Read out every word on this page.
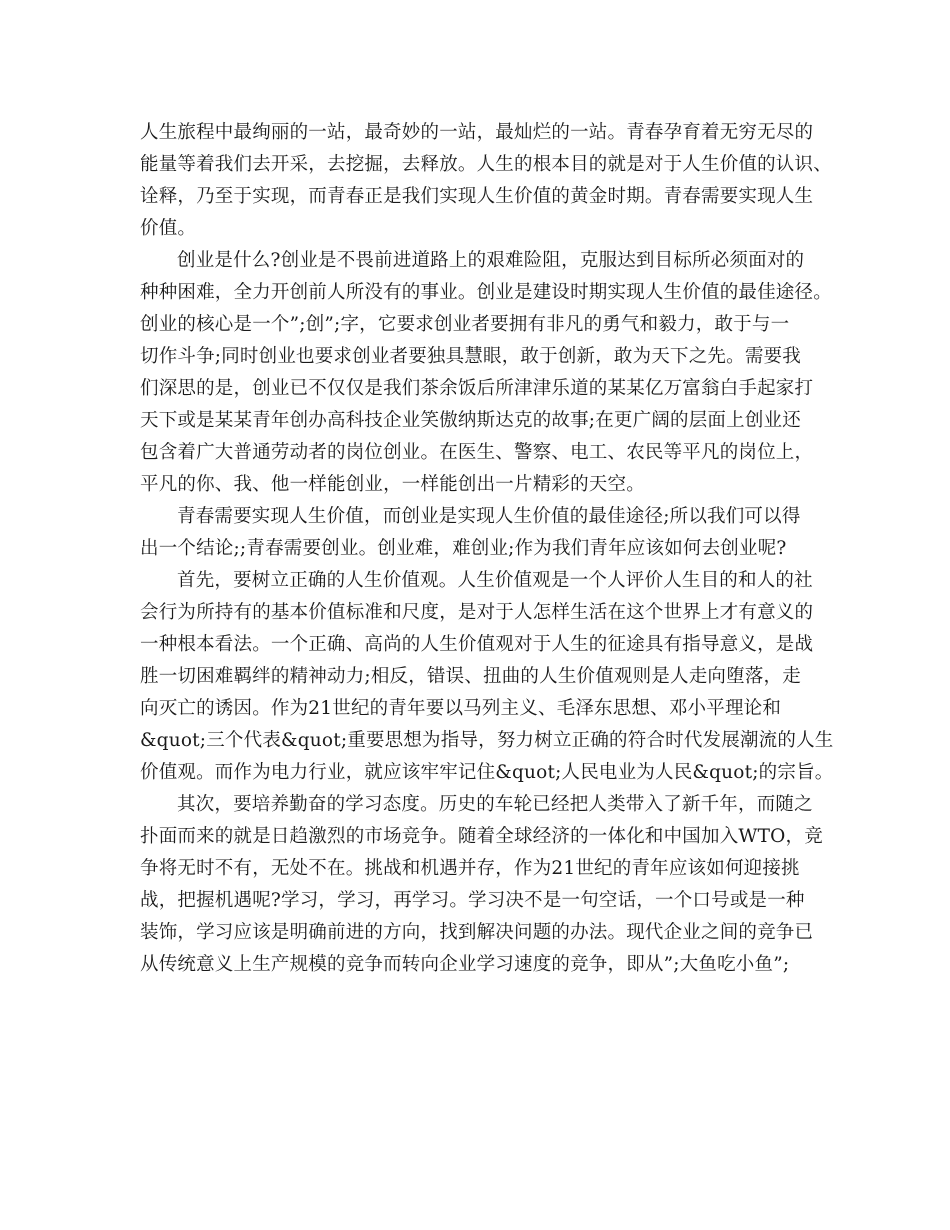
人生旅程中最绚丽的一站，最奇妙的一站，最灿烂的一站。青春孕育着无穷无尽的
能量等着我们去开采，去挖掘，去释放。人生的根本目的就是对于人生价值的认识、
诠释，乃至于实现，而青春正是我们实现人生价值的黄金时期。青春需要实现人生
价值。
创业是什么?创业是不畏前进道路上的艰难险阻，克服达到目标所必须面对的
种种困难，全力开创前人所没有的事业。创业是建设时期实现人生价值的最佳途径。
创业的核心是一个”;创”;字，它要求创业者要拥有非凡的勇气和毅力，敢于与一
切作斗争;同时创业也要求创业者要独具慧眼，敢于创新，敢为天下之先。需要我
们深思的是，创业已不仅仅是我们茶余饭后所津津乐道的某某亿万富翁白手起家打
天下或是某某青年创办高科技企业笑傲纳斯达克的故事;在更广阔的层面上创业还
包含着广大普通劳动者的岗位创业。在医生、警察、电工、农民等平凡的岗位上，
平凡的你、我、他一样能创业，一样能创出一片精彩的天空。
青春需要实现人生价值，而创业是实现人生价值的最佳途径;所以我们可以得
出一个结论;;青春需要创业。创业难，难创业;作为我们青年应该如何去创业呢?
首先，要树立正确的人生价值观。人生价值观是一个人评价人生目的和人的社
会行为所持有的基本价值标准和尺度，是对于人怎样生活在这个世界上才有意义的
一种根本看法。一个正确、高尚的人生价值观对于人生的征途具有指导意义，是战
胜一切困难羁绊的精神动力;相反，错误、扭曲的人生价值观则是人走向堕落，走
向灭亡的诱因。作为21世纪的青年要以马列主义、毛泽东思想、邓小平理论和
&quot;三个代表&quot;重要思想为指导，努力树立正确的符合时代发展潮流的人生
价值观。而作为电力行业，就应该牢牢记住&quot;人民电业为人民&quot;的宗旨。
其次，要培养勤奋的学习态度。历史的车轮已经把人类带入了新千年，而随之
扑面而来的就是日趋激烈的市场竞争。随着全球经济的一体化和中国加入WTO，竞
争将无时不有，无处不在。挑战和机遇并存，作为21世纪的青年应该如何迎接挑
战，把握机遇呢?学习，学习，再学习。学习决不是一句空话，一个口号或是一种
装饰，学习应该是明确前进的方向，找到解决问题的办法。现代企业之间的竞争已
从传统意义上生产规模的竞争而转向企业学习速度的竞争，即从”;大鱼吃小鱼”;
